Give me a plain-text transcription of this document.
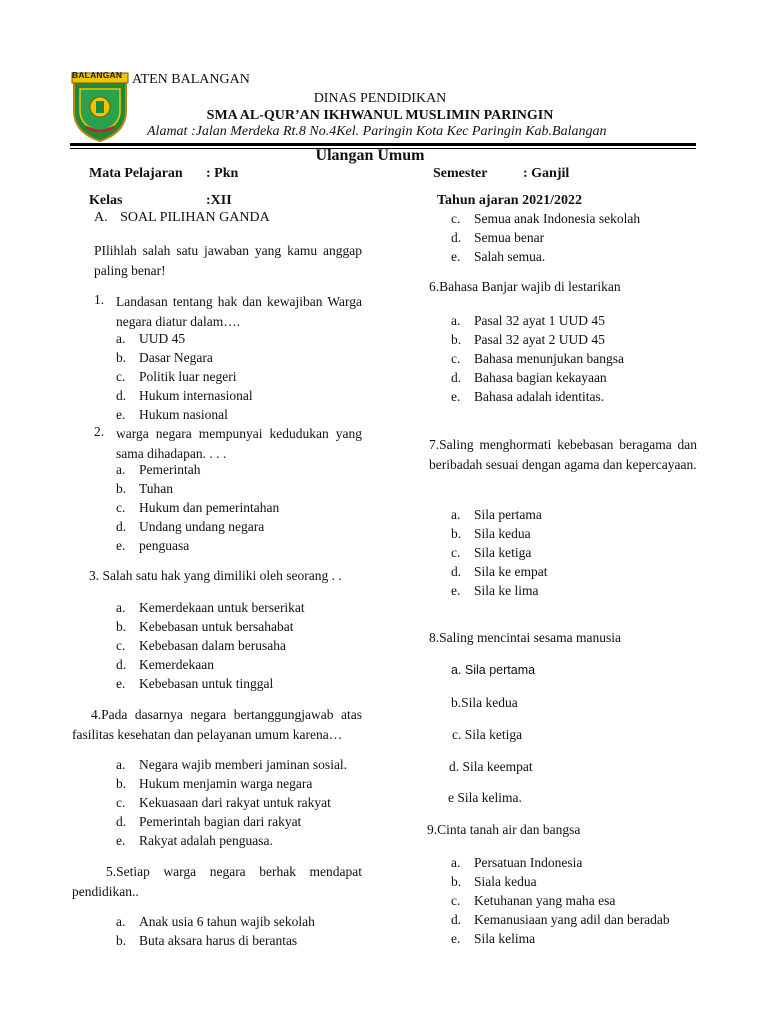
BALANGAN ATEN BALANGAN
DINAS PENDIDIKAN
SMA AL-QUR’AN IKHWANUL MUSLIMIN PARINGIN
Alamat :Jalan Merdeka Rt.8 No.4Kel. Paringin Kota Kec Paringin Kab.Balangan
Ulangan Umum
Mata Pelajaran : Pkn
Kelas	:XII
Semester	: Ganjil
Tahun ajaran 2021/2022
A. SOAL PILIHAN GANDA
PIlihlah salah satu jawaban yang kamu anggap paling benar!
1. Landasan tentang hak dan kewajiban Warga negara diatur dalam….
a. UUD 45
b. Dasar Negara
c. Politik luar negeri
d. Hukum internasional
e. Hukum nasional
2. warga negara mempunyai kedudukan yang sama dihadapan. . . .
a. Pemerintah
b. Tuhan
c. Hukum dan pemerintahan
d. Undang undang negara
e. penguasa
3. Salah satu hak yang dimiliki oleh seorang . .
a. Kemerdekaan untuk berserikat
b. Kebebasan untuk bersahabat
c. Kebebasan dalam berusaha
d. Kemerdekaan
e. Kebebasan untuk tinggal
4.Pada dasarnya negara bertanggungjawab atas fasilitas kesehatan dan pelayanan umum karena…
a. Negara wajib memberi jaminan sosial.
b. Hukum menjamin warga negara
c. Kekuasaan dari rakyat untuk rakyat
d. Pemerintah bagian dari rakyat
e. Rakyat adalah penguasa.
5.Setiap warga negara berhak mendapat pendidikan..
a. Anak usia 6 tahun wajib sekolah
b. Buta aksara harus di berantas
c. Semua anak Indonesia sekolah
d. Semua benar
e. Salah semua.
6.Bahasa Banjar wajib di lestarikan
a. Pasal 32 ayat 1 UUD 45
b. Pasal 32 ayat 2 UUD 45
c. Bahasa menunjukan bangsa
d. Bahasa bagian kekayaan
e. Bahasa adalah identitas.
7.Saling menghormati kebebasan beragama dan beribadah sesuai dengan agama dan kepercayaan.
a. Sila pertama
b. Sila kedua
c. Sila ketiga
d. Sila ke empat
e. Sila ke lima
8.Saling mencintai sesama manusia
a. Sila pertama
b.Sila kedua
c. Sila ketiga
d. Sila keempat
e Sila kelima.
9.Cinta tanah air dan bangsa
a. Persatuan Indonesia
b. Siala kedua
c. Ketuhanan yang maha esa
d. Kemanusiaan yang adil dan beradab
e. Sila kelima
